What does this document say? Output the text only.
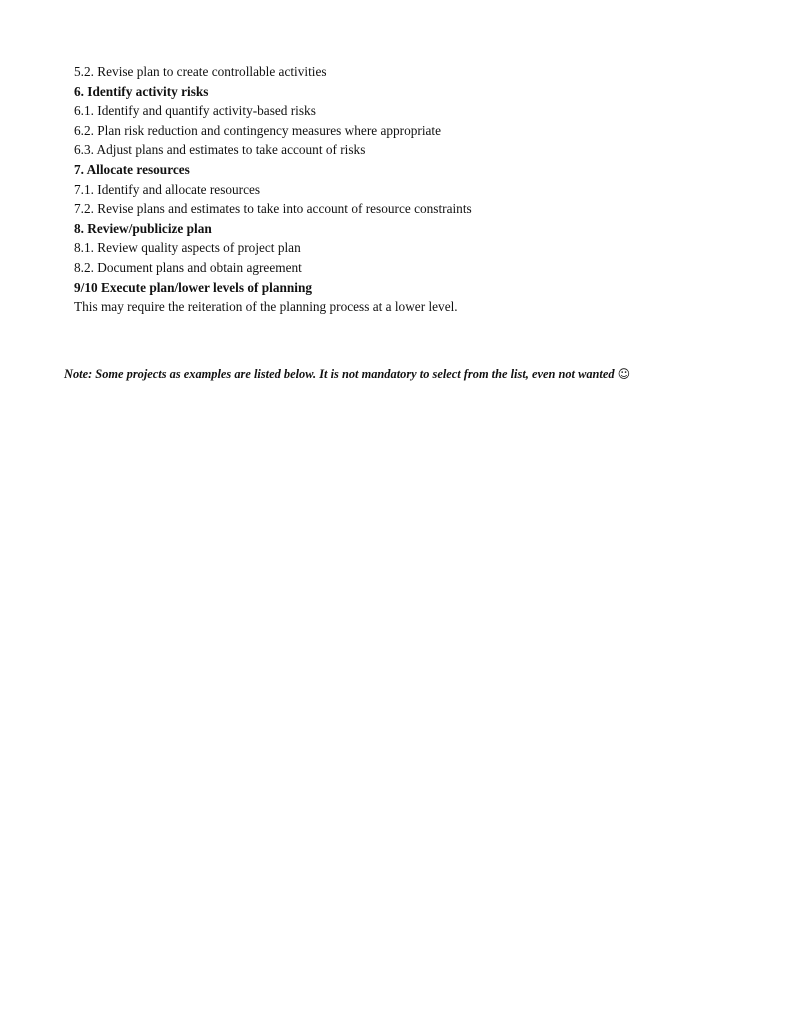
5.2. Revise plan to create controllable activities
6. Identify activity risks
6.1. Identify and quantify activity-based risks
6.2. Plan risk reduction and contingency measures where appropriate
6.3. Adjust plans and estimates to take account of risks
7. Allocate resources
7.1. Identify and allocate resources
7.2. Revise plans and estimates to take into account of resource constraints
8. Review/publicize plan
8.1. Review quality aspects of project plan
8.2. Document plans and obtain agreement
9/10 Execute plan/lower levels of planning
This may require the reiteration of the planning process at a lower level.
Note: Some projects as examples are listed below. It is not mandatory to select from the list, even not wanted ☺
